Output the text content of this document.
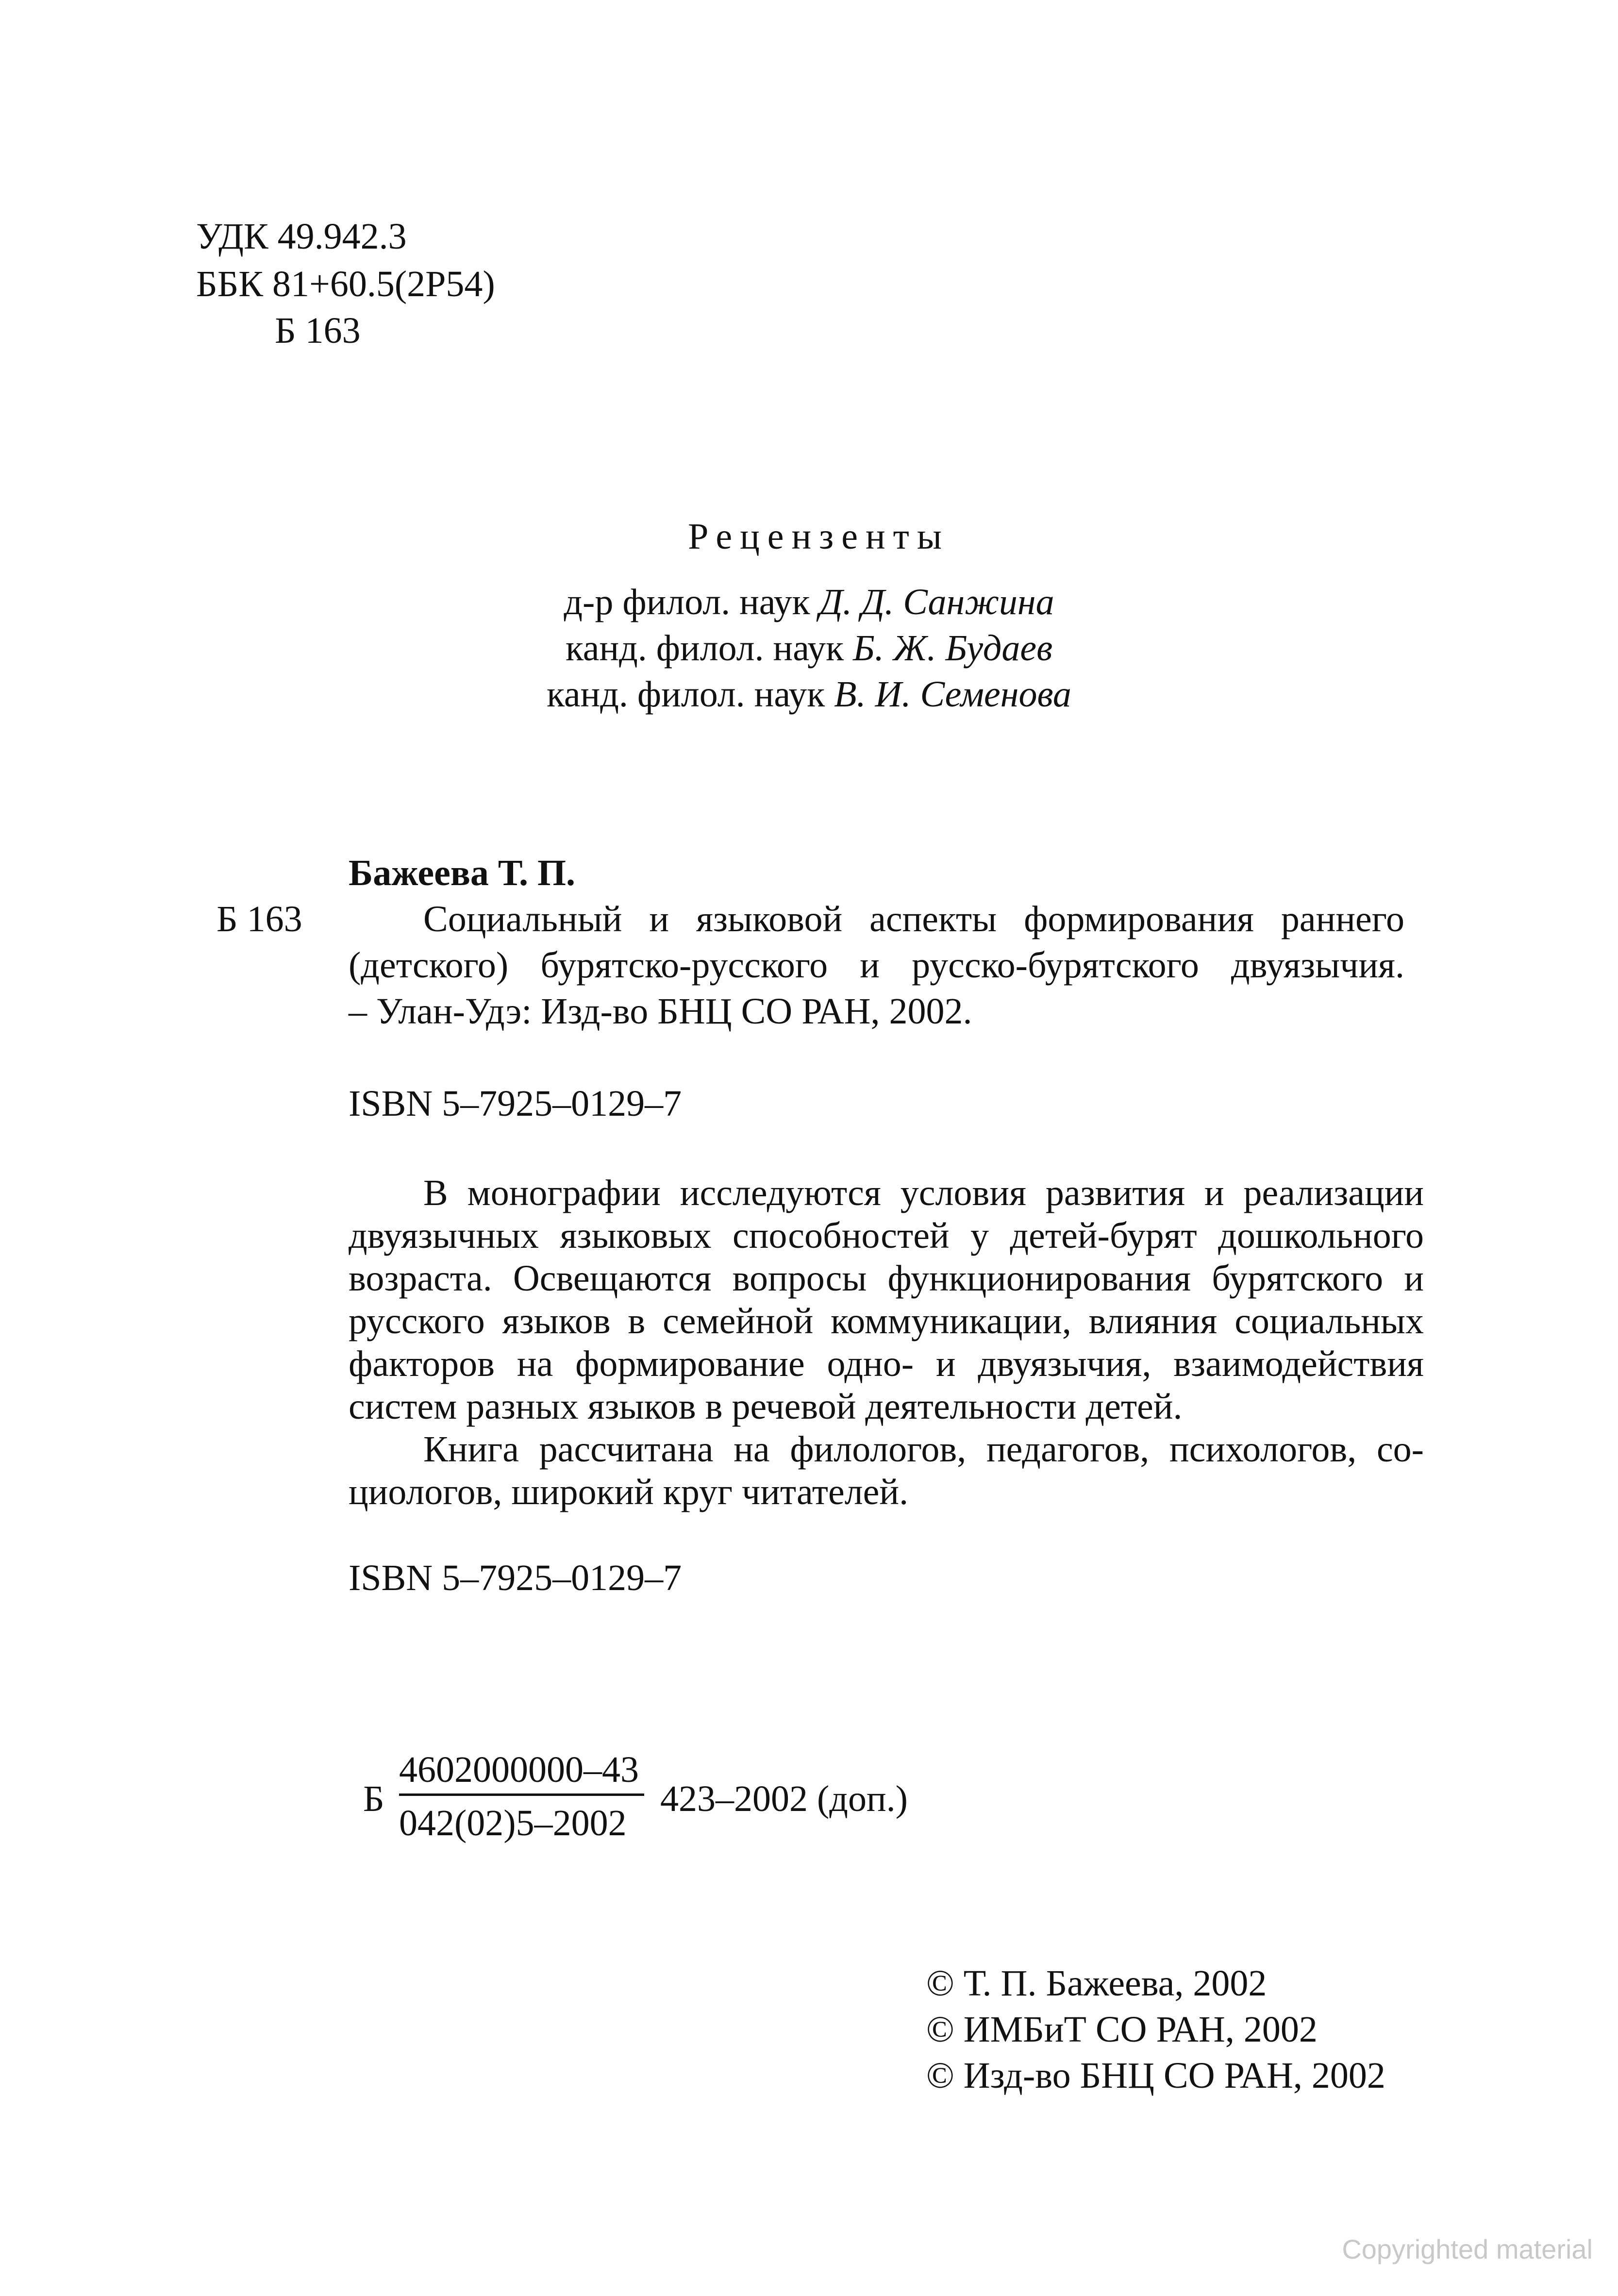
УДК 49.942.3
ББК 81+60.5(2Р54)
Б 163
Рецензенты
д-р филол. наук Д. Д. Санжина
канд. филол. наук Б. Ж. Будаев
канд. филол. наук В. И. Семенова
Бажеева Т. П.
Б 163	Социальный и языковой аспекты формирования раннего
(детского) бурятско-русского и русско-бурятского двуязычия.
– Улан-Удэ: Изд-во БНЦ СО РАН, 2002.
ISBN 5–7925–0129–7
В монографии исследуются условия развития и реализации
двуязычных языковых способностей у детей-бурят дошкольного
возраста. Освещаются вопросы функционирования бурятского и
русского языков в семейной коммуникации, влияния социальных
факторов на формирование одно- и двуязычия, взаимодействия
систем разных языков в речевой деятельности детей.
Книга рассчитана на филологов, педагогов, психологов, со-
циологов, широкий круг читателей.
ISBN 5–7925–0129–7
Б
4602000000–43
042(02)5–2002
423–2002 (доп.)
© Т. П. Бажеева, 2002
© ИМБиТ СО РАН, 2002
© Изд-во БНЦ СО РАН, 2002
Copyrighted material
